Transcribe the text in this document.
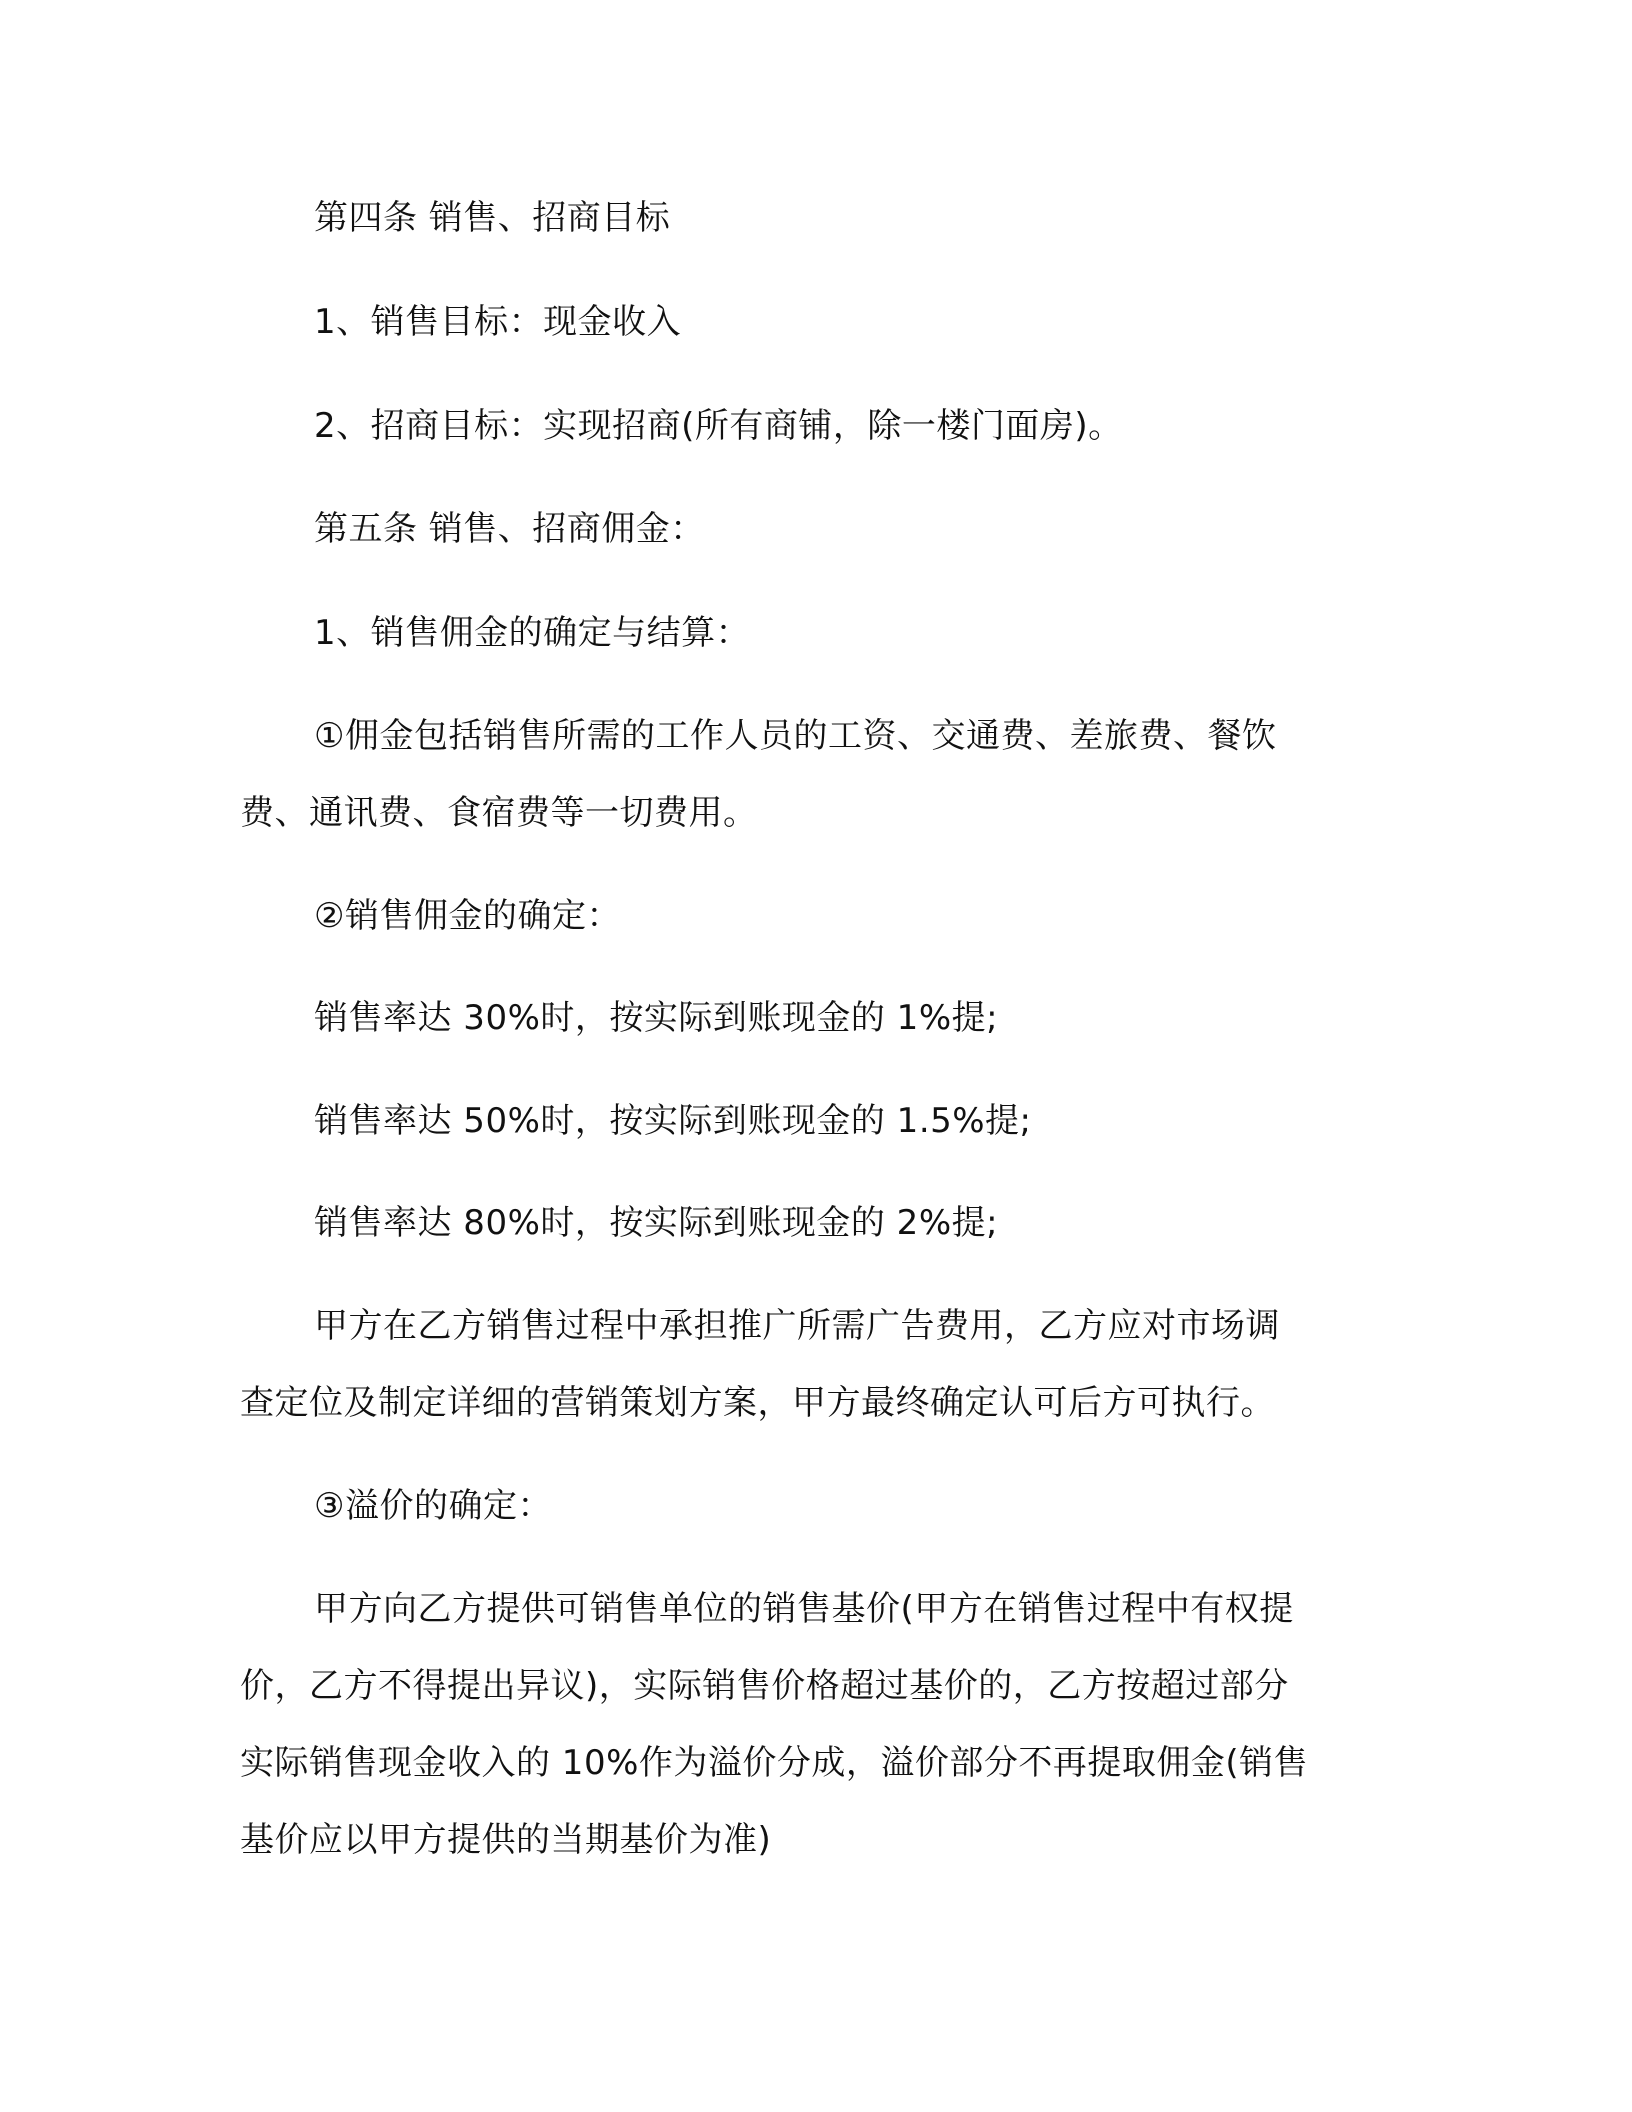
第四条 销售、招商目标
1、销售目标：现金收入
2、招商目标：实现招商(所有商铺，除一楼门面房)。
第五条 销售、招商佣金：
1、销售佣金的确定与结算：
①佣金包括销售所需的工作人员的工资、交通费、差旅费、餐饮
费、通讯费、食宿费等一切费用。
②销售佣金的确定：
销售率达 30%时，按实际到账现金的 1%提;
销售率达 50%时，按实际到账现金的 1.5%提;
销售率达 80%时，按实际到账现金的 2%提;
甲方在乙方销售过程中承担推广所需广告费用，乙方应对市场调
查定位及制定详细的营销策划方案，甲方最终确定认可后方可执行。
③溢价的确定：
甲方向乙方提供可销售单位的销售基价(甲方在销售过程中有权提
价，乙方不得提出异议)，实际销售价格超过基价的，乙方按超过部分
实际销售现金收入的 10%作为溢价分成，溢价部分不再提取佣金(销售
基价应以甲方提供的当期基价为准)
